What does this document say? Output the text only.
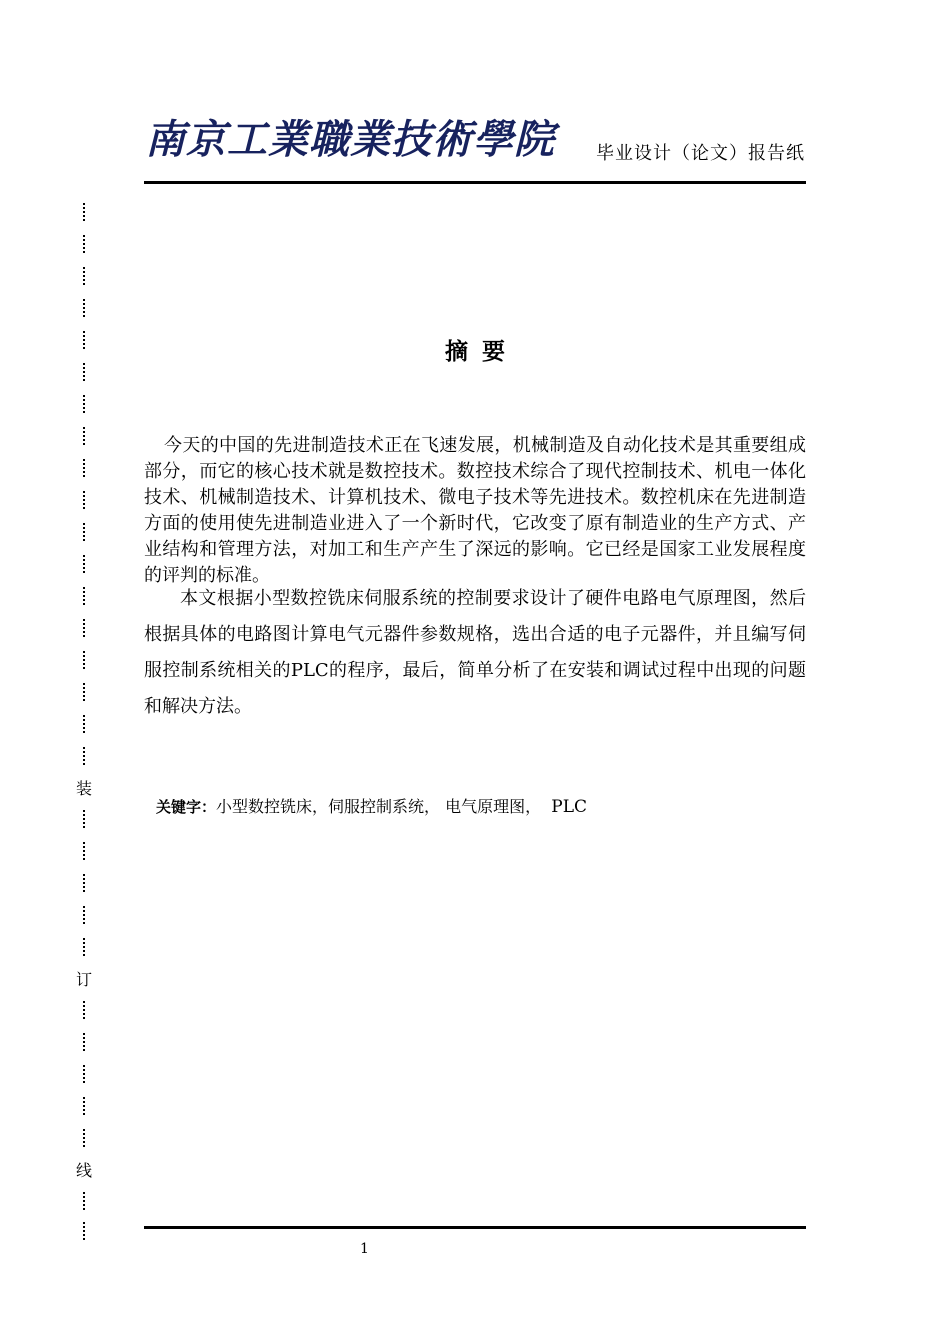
南京工業職業技術學院 毕业设计（论文）报告纸
装
订
线
摘要
今天的中国的先进制造技术正在飞速发展，机械制造及自动化技术是其重要组成部分，而它的核心技术就是数控技术。数控技术综合了现代控制技术、机电一体化技术、机械制造技术、计算机技术、微电子技术等先进技术。数控机床在先进制造方面的使用使先进制造业进入了一个新时代，它改变了原有制造业的生产方式、产业结构和管理方法，对加工和生产产生了深远的影响。它已经是国家工业发展程度的评判的标准。
本文根据小型数控铣床伺服系统的控制要求设计了硬件电路电气原理图，然后根据具体的电路图计算电气元器件参数规格，选出合适的电子元器件，并且编写伺服控制系统相关的PLC的程序，最后，简单分析了在安装和调试过程中出现的问题和解决方法。
关键字：小型数控铣床，伺服控制系统， 电气原理图， PLC
1
